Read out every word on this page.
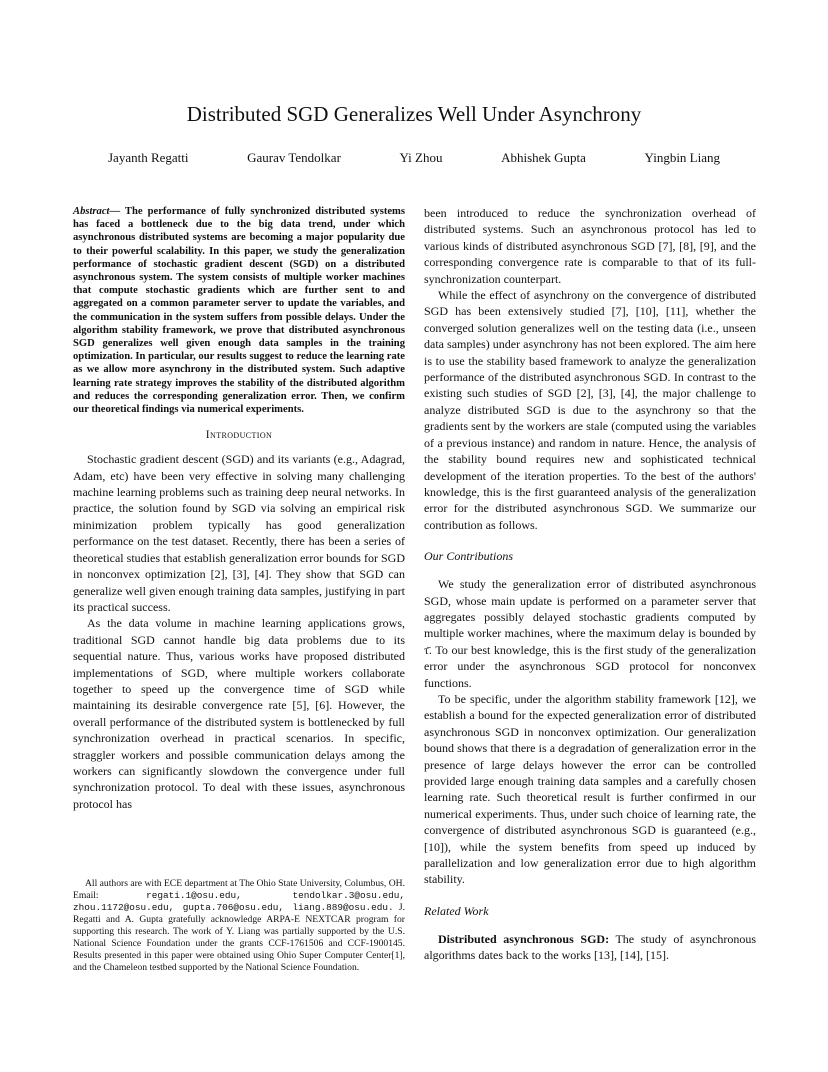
Distributed SGD Generalizes Well Under Asynchrony
Jayanth Regatti	Gaurav Tendolkar	Yi Zhou	Abhishek Gupta	Yingbin Liang

Abstract— The performance of fully synchronized distributed systems has faced a bottleneck due to the big data trend, under which asynchronous distributed systems are becoming a major popularity due to their powerful scalability. In this paper, we study the generalization performance of stochastic gradient descent (SGD) on a distributed asynchronous system. The system consists of multiple worker machines that compute stochastic gradients which are further sent to and aggregated on a common parameter server to update the variables, and the communication in the system suffers from possible delays. Under the algorithm stability framework, we prove that distributed asynchronous SGD generalizes well given enough data samples in the training optimization. In particular, our results suggest to reduce the learning rate as we allow more asynchrony in the distributed system. Such adaptive learning rate strategy improves the stability of the distributed algorithm and reduces the corresponding generalization error. Then, we confirm our theoretical findings via numerical experiments.

Introduction

Stochastic gradient descent (SGD) and its variants (e.g., Adagrad, Adam, etc) have been very effective in solving many challenging machine learning problems such as training deep neural networks. In practice, the solution found by SGD via solving an empirical risk minimization problem typically has good generalization performance on the test dataset. Recently, there has been a series of theoretical studies that establish generalization error bounds for SGD in nonconvex optimization [2], [3], [4]. They show that SGD can generalize well given enough training data samples, justifying in part its practical success.

As the data volume in machine learning applications grows, traditional SGD cannot handle big data problems due to its sequential nature. Thus, various works have proposed distributed implementations of SGD, where multiple workers collaborate together to speed up the convergence time of SGD while maintaining its desirable convergence rate [5], [6]. However, the overall performance of the distributed system is bottlenecked by full synchronization overhead in practical scenarios. In specific, straggler workers and possible communication delays among the workers can significantly slowdown the convergence under full synchronization protocol. To deal with these issues, asynchronous protocol has

been introduced to reduce the synchronization overhead of distributed systems. Such an asynchronous protocol has led to various kinds of distributed asynchronous SGD [7], [8], [9], and the corresponding convergence rate is comparable to that of its full-synchronization counterpart.

While the effect of asynchrony on the convergence of distributed SGD has been extensively studied [7], [10], [11], whether the converged solution generalizes well on the testing data (i.e., unseen data samples) under asynchrony has not been explored. The aim here is to use the stability based framework to analyze the generalization performance of the distributed asynchronous SGD. In contrast to the existing such studies of SGD [2], [3], [4], the major challenge to analyze distributed SGD is due to the asynchrony so that the gradients sent by the workers are stale (computed using the variables of a previous instance) and random in nature. Hence, the analysis of the stability bound requires new and sophisticated technical development of the iteration properties. To the best of the authors' knowledge, this is the first guaranteed analysis of the generalization error for the distributed asynchronous SGD. We summarize our contribution as follows.

Our Contributions

We study the generalization error of distributed asynchronous SGD, whose main update is performed on a parameter server that aggregates possibly delayed stochastic gradients computed by multiple worker machines, where the maximum delay is bounded by τ̄. To our best knowledge, this is the first study of the generalization error under the asynchronous SGD protocol for nonconvex functions.

To be specific, under the algorithm stability framework [12], we establish a bound for the expected generalization error of distributed asynchronous SGD in nonconvex optimization. Our generalization bound shows that there is a degradation of generalization error in the presence of large delays however the error can be controlled provided large enough training data samples and a carefully chosen learning rate. Such theoretical result is further confirmed in our numerical experiments. Thus, under such choice of learning rate, the convergence of distributed asynchronous SGD is guaranteed (e.g., [10]), while the system benefits from speed up induced by parallelization and low generalization error due to high algorithm stability.

Related Work

Distributed asynchronous SGD: The study of asynchronous algorithms dates back to the works [13], [14], [15].

All authors are with ECE department at The Ohio State University, Columbus, OH. Email: regati.1@osu.edu, tendolkar.3@osu.edu, zhou.1172@osu.edu, gupta.706@osu.edu, liang.889@osu.edu. J. Regatti and A. Gupta gratefully acknowledge ARPA-E NEXTCAR program for supporting this research. The work of Y. Liang was partially supported by the U.S. National Science Foundation under the grants CCF-1761506 and CCF-1900145. Results presented in this paper were obtained using Ohio Super Computer Center[1], and the Chameleon testbed supported by the National Science Foundation.
